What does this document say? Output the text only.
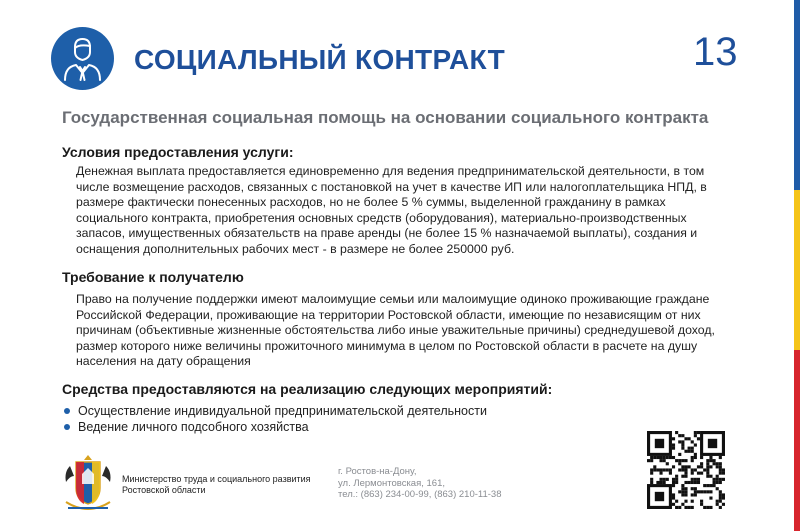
СОЦИАЛЬНЫЙ КОНТРАКТ	13
Государственная социальная помощь на основании социального контракта
Условия предоставления услуги:
Денежная выплата предоставляется единовременно для ведения предпринимательской деятельности, в том
числе возмещение расходов, связанных с постановкой на учет в качестве ИП или налогоплательщика НПД, в
размере фактически понесенных расходов, но не более 5 % суммы, выделенной гражданину в рамках
социального контракта, приобретения основных средств (оборудования), материально-производственных
запасов, имущественных обязательств на праве аренды (не более 15 % назначаемой выплаты), создания и
оснащения дополнительных рабочих мест - в размере не более 250000 руб.
Требование к получателю
Право на получение поддержки имеют малоимущие семьи или малоимущие одиноко проживающие граждане
Российской Федерации, проживающие на территории Ростовской области, имеющие по независящим от них
причинам (объективные жизненные обстоятельства либо иные уважительные причины) среднедушевой доход,
размер которого ниже величины прожиточного минимума в целом по Ростовской области в расчете на душу
населения на дату обращения
Средства предоставляются на реализацию следующих мероприятий:
Осуществление индивидуальной предпринимательской деятельности
Ведение личного подсобного хозяйства
Министерство труда и социального развития
Ростовской области
г. Ростов-на-Дону,
ул. Лермонтовская, 161,
тел.: (863) 234-00-99, (863) 210-11-38
